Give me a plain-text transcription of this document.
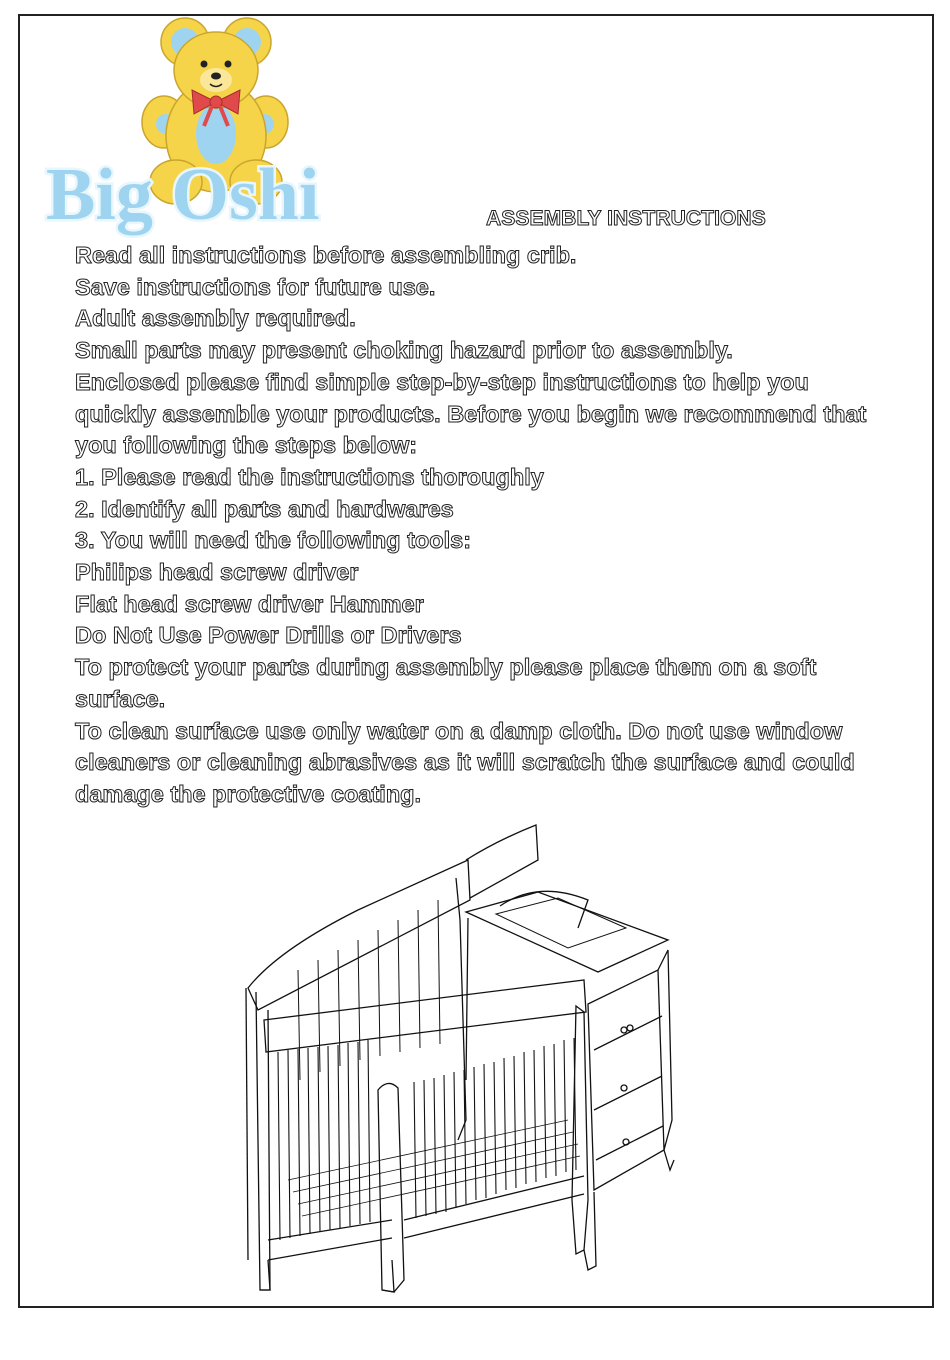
Big Oshi	ASSEMBLY INSTRUCTIONS

Read all instructions before assembling crib.

Save instructions for future use.

Adult assembly required.

Small parts may present choking hazard prior to assembly.

Enclosed please find simple step-by-step instructions to help you quickly assemble your products. Before you begin we recommend that you following the steps below:

1. Please read the instructions thoroughly

2. Identify all parts and hardwares

3. You will need the following tools:

Philips head screw driver

Flat head screw driver Hammer

Do Not Use Power Drills or Drivers

To protect your parts during assembly please place them on a soft surface.

To clean surface use only water on a damp cloth. Do not use window cleaners or cleaning abrasives as it will scratch the surface and could damage the protective coating.
